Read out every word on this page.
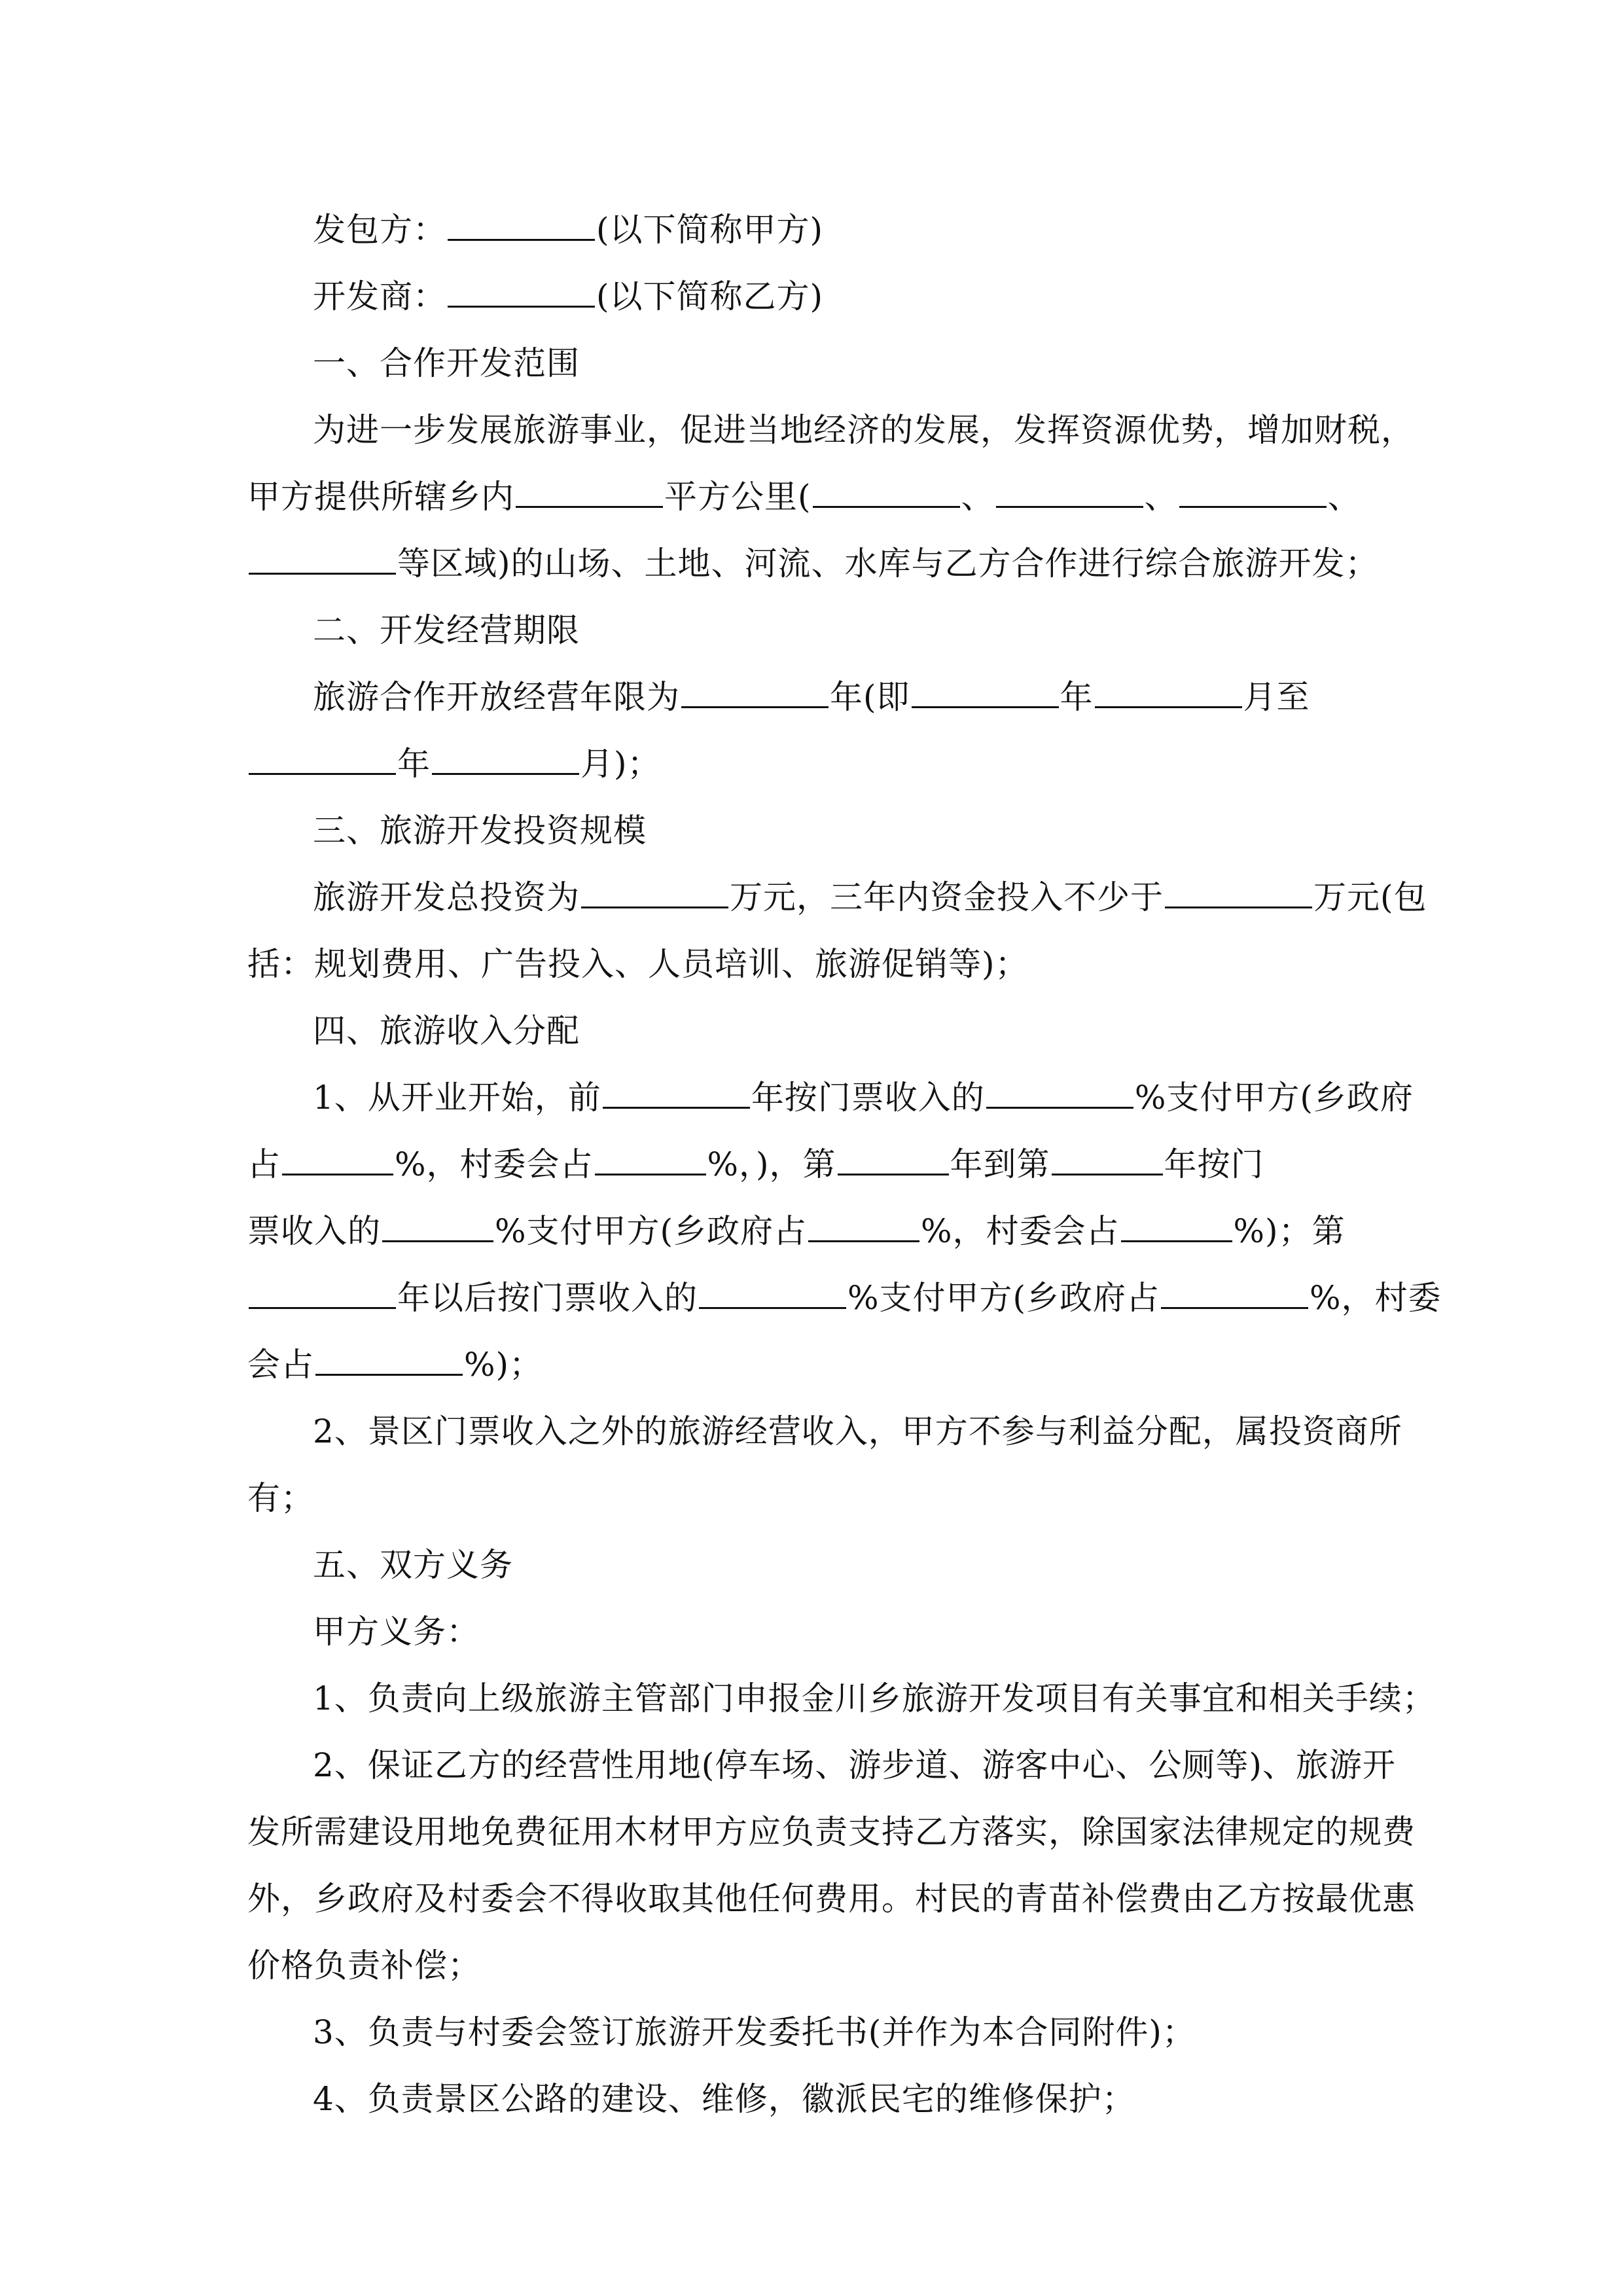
发包方：	(以下简称甲方)
开发商：	(以下简称乙方)
一、合作开发范围
为进一步发展旅游事业，促进当地经济的发展，发挥资源优势，增加财税，
甲方提供所辖乡内	平方公里(	、	、	、
等区域)的山场、土地、河流、水库与乙方合作进行综合旅游开发；
二、开发经营期限
旅游合作开放经营年限为	年(即	年	月至
年	月)；
三、旅游开发投资规模
旅游开发总投资为	万元，三年内资金投入不少于	万元(包
括：规划费用、广告投入、人员培训、旅游促销等)；
四、旅游收入分配
1、从开业开始，前	年按门票收入的	%支付甲方(乡政府
占	%，村委会占	%，)，第	年到第	年按门
票收入的	%支付甲方(乡政府占	%，村委会占	%)；第
年以后按门票收入的	%支付甲方(乡政府占	%，村委
会占	%)；
2、景区门票收入之外的旅游经营收入，甲方不参与利益分配，属投资商所
有；
五、双方义务
甲方义务：
1、负责向上级旅游主管部门申报金川乡旅游开发项目有关事宜和相关手续；
2、保证乙方的经营性用地(停车场、游步道、游客中心、公厕等)、旅游开
发所需建设用地免费征用木材甲方应负责支持乙方落实，除国家法律规定的规费
外，乡政府及村委会不得收取其他任何费用。村民的青苗补偿费由乙方按最优惠
价格负责补偿；
3、负责与村委会签订旅游开发委托书(并作为本合同附件)；
4、负责景区公路的建设、维修，徽派民宅的维修保护；
